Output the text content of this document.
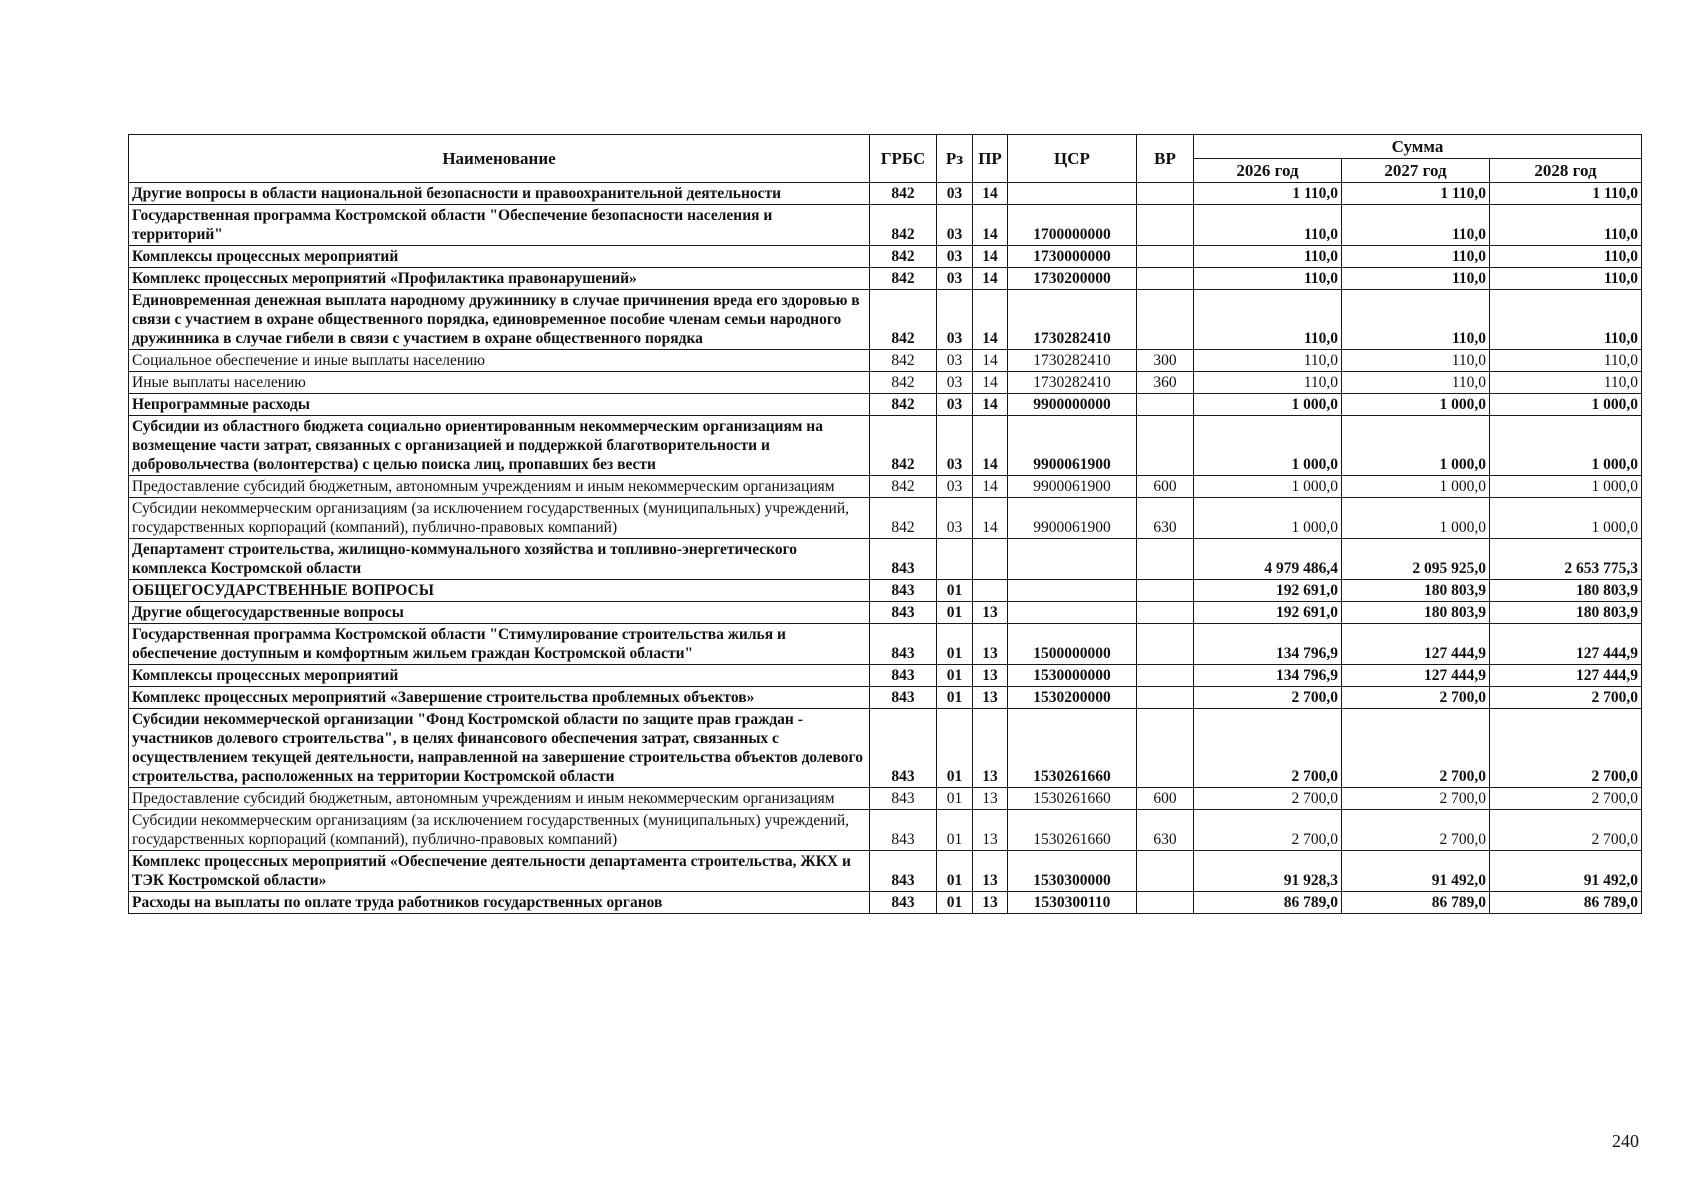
Наименование	ГРБС	Рз	ПР	ЦСР	ВР	Сумма		
						2026 год	2027 год	2028 год
Другие вопросы в области национальной безопасности и правоохранительной деятельности	842	03	14			1 110,0	1 110,0	1 110,0
Государственная программа Костромской области "Обеспечение безопасности населения и территорий"	842	03	14	1700000000		110,0	110,0	110,0
Комплексы процессных мероприятий	842	03	14	1730000000		110,0	110,0	110,0
Комплекс процессных мероприятий «Профилактика правонарушений»	842	03	14	1730200000		110,0	110,0	110,0
Единовременная денежная выплата народному дружиннику в случае причинения вреда его здоровью в связи с участием в охране общественного порядка, единовременное пособие членам семьи народного дружинника в случае гибели в связи с участием в охране общественного порядка	842	03	14	1730282410		110,0	110,0	110,0
Социальное обеспечение и иные выплаты населению	842	03	14	1730282410	300	110,0	110,0	110,0
Иные выплаты населению	842	03	14	1730282410	360	110,0	110,0	110,0
Непрограммные расходы	842	03	14	9900000000		1 000,0	1 000,0	1 000,0
Субсидии из областного бюджета социально ориентированным некоммерческим организациям на возмещение части затрат, связанных с организацией и поддержкой благотворительности и добровольчества (волонтерства) с целью поиска лиц, пропавших без вести	842	03	14	9900061900		1 000,0	1 000,0	1 000,0
Предоставление субсидий бюджетным, автономным учреждениям и иным некоммерческим организациям	842	03	14	9900061900	600	1 000,0	1 000,0	1 000,0
Субсидии некоммерческим организациям (за исключением государственных (муниципальных) учреждений, государственных корпораций (компаний), публично-правовых компаний)	842	03	14	9900061900	630	1 000,0	1 000,0	1 000,0
Департамент строительства, жилищно-коммунального хозяйства и топливно-энергетического комплекса Костромской области	843					4 979 486,4	2 095 925,0	2 653 775,3
ОБЩЕГОСУДАРСТВЕННЫЕ ВОПРОСЫ	843	01				192 691,0	180 803,9	180 803,9
Другие общегосударственные вопросы	843	01	13			192 691,0	180 803,9	180 803,9
Государственная программа Костромской области "Стимулирование строительства жилья и обеспечение доступным и комфортным жильем граждан Костромской области"	843	01	13	1500000000		134 796,9	127 444,9	127 444,9
Комплексы процессных мероприятий	843	01	13	1530000000		134 796,9	127 444,9	127 444,9
Комплекс процессных мероприятий «Завершение строительства проблемных объектов»	843	01	13	1530200000		2 700,0	2 700,0	2 700,0
Субсидии некоммерческой организации "Фонд Костромской области по защите прав граждан - участников долевого строительства", в целях финансового обеспечения затрат, связанных с осуществлением текущей деятельности, направленной на завершение строительства объектов долевого строительства, расположенных на территории Костромской области	843	01	13	1530261660		2 700,0	2 700,0	2 700,0
Предоставление субсидий бюджетным, автономным учреждениям и иным некоммерческим организациям	843	01	13	1530261660	600	2 700,0	2 700,0	2 700,0
Субсидии некоммерческим организациям (за исключением государственных (муниципальных) учреждений, государственных корпораций (компаний), публично-правовых компаний)	843	01	13	1530261660	630	2 700,0	2 700,0	2 700,0
Комплекс процессных мероприятий «Обеспечение деятельности департамента строительства, ЖКХ и ТЭК Костромской области»	843	01	13	1530300000		91 928,3	91 492,0	91 492,0
Расходы на выплаты по оплате труда работников государственных органов	843	01	13	1530300110		86 789,0	86 789,0	86 789,0
240
